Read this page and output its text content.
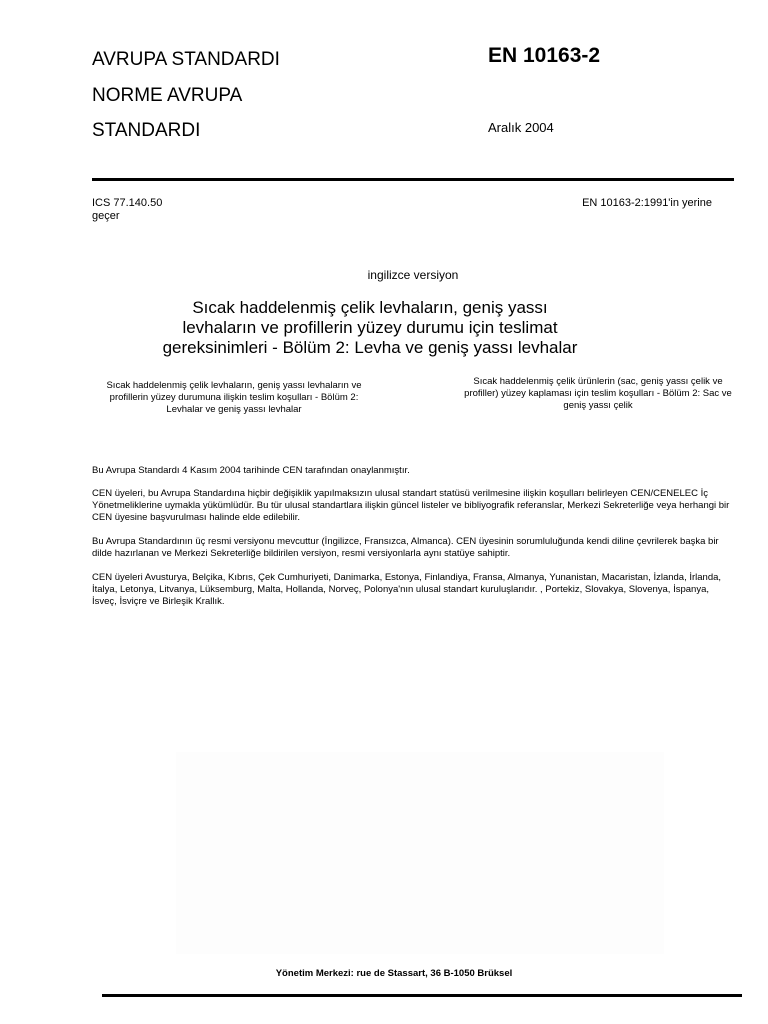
AVRUPA STANDARDI
NORME AVRUPA
STANDARDI
EN 10163-2
Aralık 2004
ICS 77.140.50
geçer
EN 10163-2:1991'in yerine
ingilizce versiyon
Sıcak haddelenmiş çelik levhaların, geniş yassı levhaların ve profillerin yüzey durumu için teslimat gereksinimleri - Bölüm 2: Levha ve geniş yassı levhalar
Sıcak haddelenmiş çelik levhaların, geniş yassı levhaların ve profillerin yüzey durumuna ilişkin teslim koşulları - Bölüm 2: Levhalar ve geniş yassı levhalar
Sıcak haddelenmiş çelik ürünlerin (sac, geniş yassı çelik ve profiller) yüzey kaplaması için teslim koşulları - Bölüm 2: Sac ve geniş yassı çelik
Bu Avrupa Standardı 4 Kasım 2004 tarihinde CEN tarafından onaylanmıştır.
CEN üyeleri, bu Avrupa Standardına hiçbir değişiklik yapılmaksızın ulusal standart statüsü verilmesine ilişkin koşulları belirleyen CEN/CENELEC İç Yönetmeliklerine uymakla yükümlüdür. Bu tür ulusal standartlara ilişkin güncel listeler ve bibliyografik referanslar, Merkezi Sekreterliğe veya herhangi bir CEN üyesine başvurulması halinde elde edilebilir.
Bu Avrupa Standardının üç resmi versiyonu mevcuttur (İngilizce, Fransızca, Almanca). CEN üyesinin sorumluluğunda kendi diline çevrilerek başka bir dilde hazırlanan ve Merkezi Sekreterliğe bildirilen versiyon, resmi versiyonlarla aynı statüye sahiptir.
CEN üyeleri Avusturya, Belçika, Kıbrıs, Çek Cumhuriyeti, Danimarka, Estonya, Finlandiya, Fransa, Almanya, Yunanistan, Macaristan, İzlanda, İrlanda, İtalya, Letonya, Litvanya, Lüksemburg, Malta, Hollanda, Norveç, Polonya'nın ulusal standart kuruluşlarıdır. , Portekiz, Slovakya, Slovenya, İspanya, İsveç, İsviçre ve Birleşik Krallık.
Yönetim Merkezi: rue de Stassart, 36 B-1050 Brüksel
